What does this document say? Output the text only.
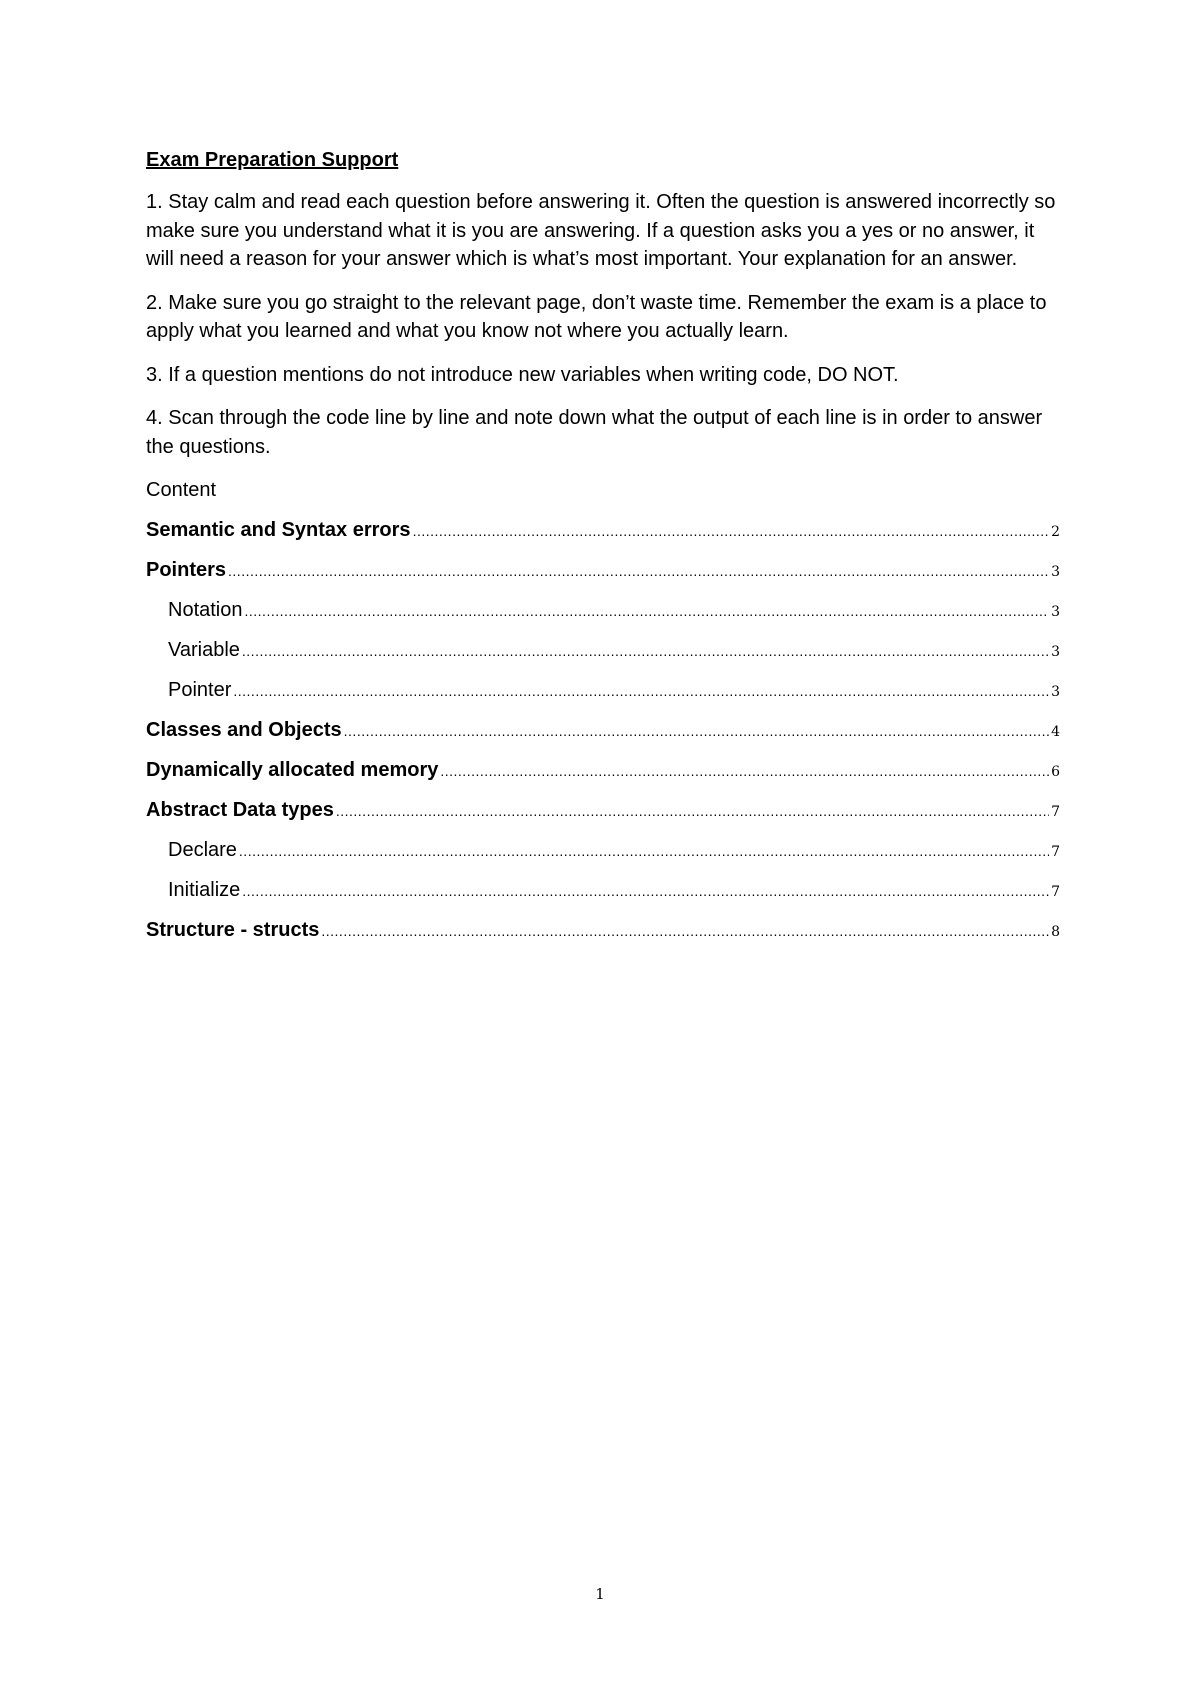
Exam Preparation Support

1. Stay calm and read each question before answering it. Often the question is answered incorrectly so make sure you understand what it is you are answering. If a question asks you a yes or no answer, it will need a reason for your answer which is what’s most important. Your explanation for an answer.

2. Make sure you go straight to the relevant page, don’t waste time. Remember the exam is a place to apply what you learned and what you know not where you actually learn.

3. If a question mentions do not introduce new variables when writing code, DO NOT.

4. Scan through the code line by line and note down what the output of each line is in order to answer the questions.

Content
Semantic and Syntax errors .....	2
Pointers .....	3
Notation .....	3
Variable .....	3
Pointer .....	3
Classes and Objects .....	4
Dynamically allocated memory .....	6
Abstract Data types .....	7
Declare .....	7
Initialize .....	7
Structure - structs .....	8
1
